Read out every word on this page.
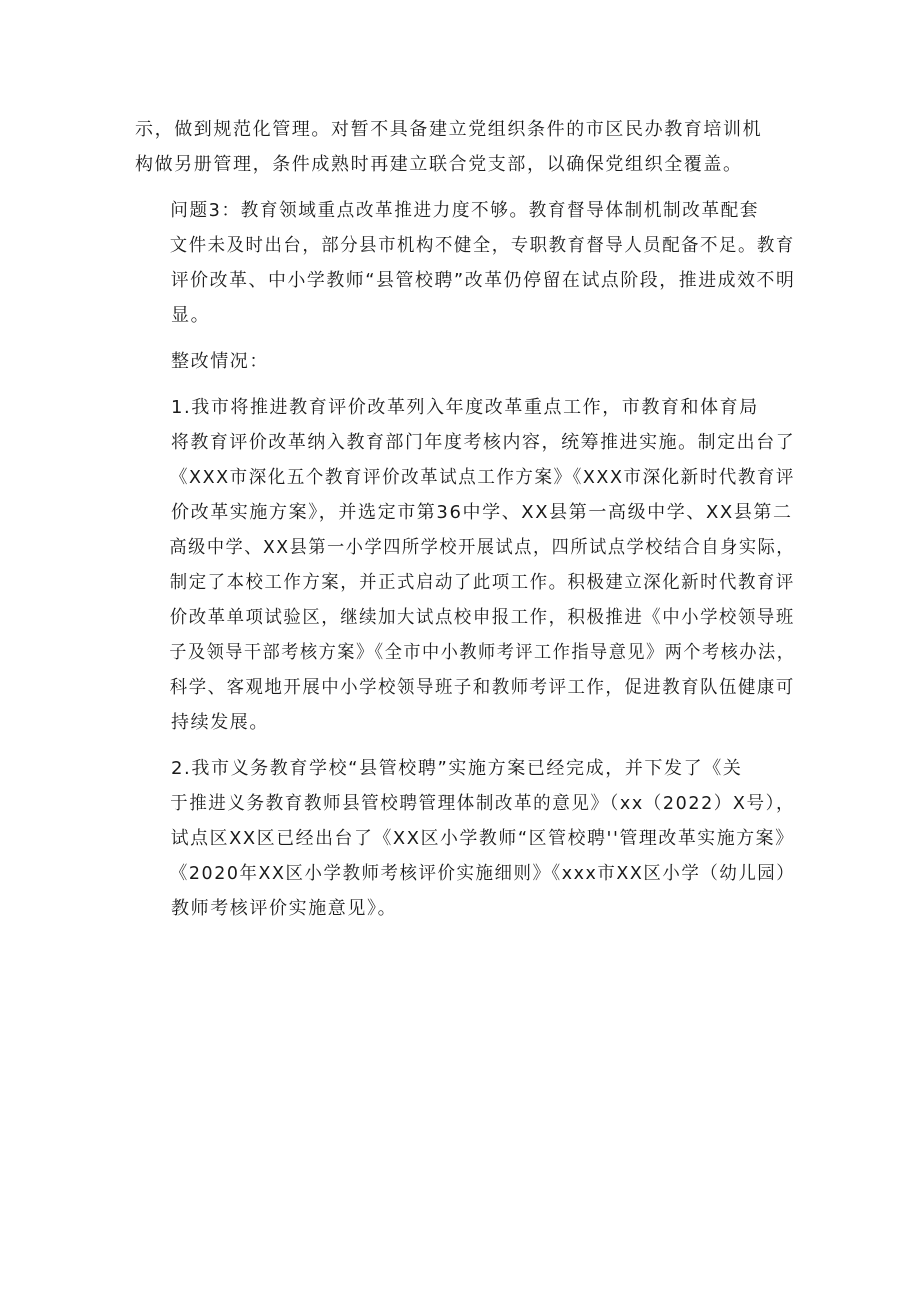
示，做到规范化管理。对暂不具备建立党组织条件的市区民办教育培训机
构做另册管理，条件成熟时再建立联合党支部，以确保党组织全覆盖。

问题3：教育领域重点改革推进力度不够。教育督导体制机制改革配套
文件未及时出台，部分县市机构不健全，专职教育督导人员配备不足。教育
评价改革、中小学教师“县管校聘”改革仍停留在试点阶段，推进成效不明
显。

整改情况：

1.我市将推进教育评价改革列入年度改革重点工作，市教育和体育局
将教育评价改革纳入教育部门年度考核内容，统筹推进实施。制定出台了
《XXX市深化五个教育评价改革试点工作方案》《XXX市深化新时代教育评
价改革实施方案》，并选定市第36中学、XX县第一高级中学、XX县第二
高级中学、XX县第一小学四所学校开展试点，四所试点学校结合自身实际，
制定了本校工作方案，并正式启动了此项工作。积极建立深化新时代教育评
价改革单项试验区，继续加大试点校申报工作，积极推进《中小学校领导班
子及领导干部考核方案》《全市中小教师考评工作指导意见》两个考核办法，
科学、客观地开展中小学校领导班子和教师考评工作，促进教育队伍健康可
持续发展。

2.我市义务教育学校“县管校聘”实施方案已经完成，并下发了《关
于推进义务教育教师县管校聘管理体制改革的意见》（xx（2022）X号），
试点区XX区已经出台了《XX区小学教师“区管校聘''管理改革实施方案》
《2020年XX区小学教师考核评价实施细则》《xxx市XX区小学（幼儿园）
教师考核评价实施意见》。
